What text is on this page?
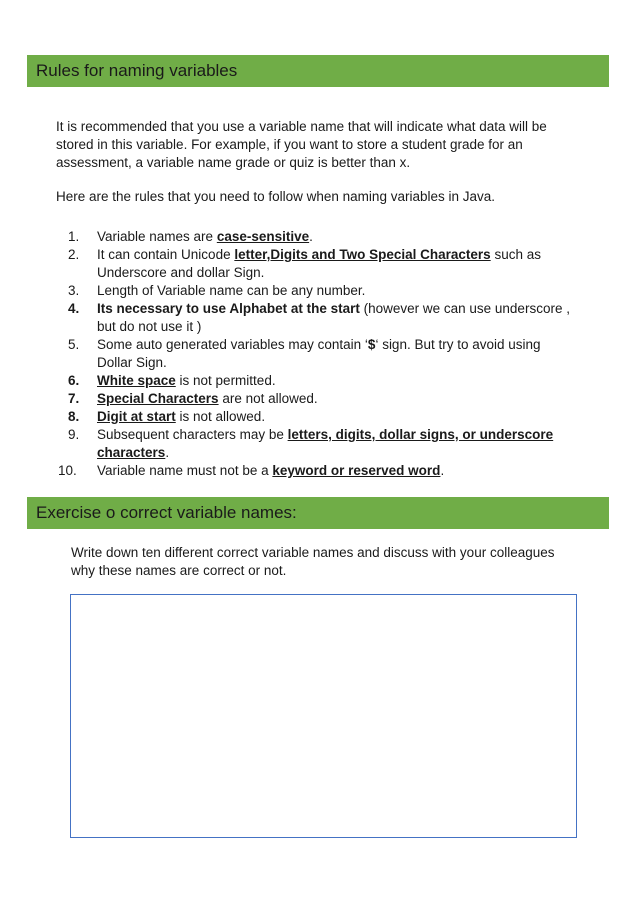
Rules for naming variables

It is recommended that you use a variable name that will indicate what data will be stored in this variable. For example, if you want to store a student grade for an assessment, a variable name grade or quiz is better than x.

Here are the rules that you need to follow when naming variables in Java.

1. Variable names are case-sensitive.
2. It can contain Unicode letter,Digits and Two Special Characters such as Underscore and dollar Sign.
3. Length of Variable name can be any number.
4. Its necessary to use Alphabet at the start (however we can use underscore , but do not use it )
5. Some auto generated variables may contain ‘$‘ sign. But try to avoid using Dollar Sign.
6. White space is not permitted.
7. Special Characters are not allowed.
8. Digit at start is not allowed.
9. Subsequent characters may be letters, digits, dollar signs, or underscore characters.
10. Variable name must not be a keyword or reserved word.
Exercise o correct variable names:

Write down ten different correct variable names and discuss with your colleagues why these names are correct or not.
